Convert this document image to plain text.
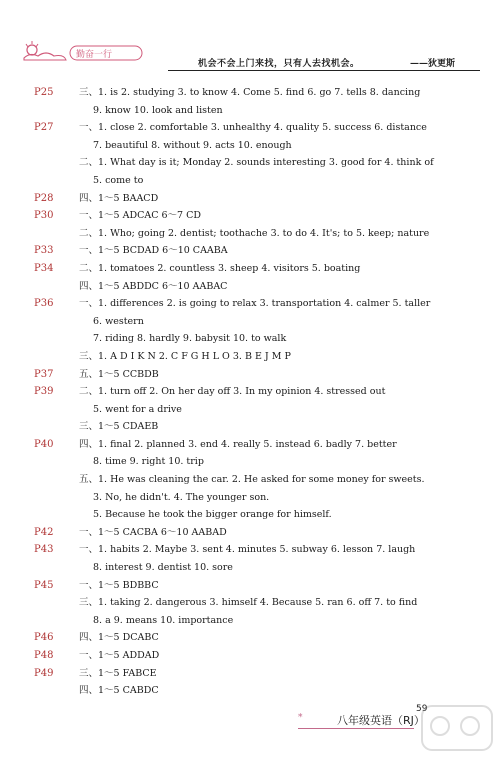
勤奋一行
机会不会上门来找，只有人去找机会。	——狄更斯
P25	三、1. is 2. studying 3. to know 4. Come 5. find 6. go 7. tells 8. dancing
9. know 10. look and listen
P27	一、1. close 2. comfortable 3. unhealthy 4. quality 5. success 6. distance
7. beautiful 8. without 9. acts 10. enough
二、1. What day is it; Monday 2. sounds interesting 3. good for 4. think of
5. come to
P28	四、1～5 BAACD
P30	一、1～5 ADCAC 6～7 CD
二、1. Who; going 2. dentist; toothache 3. to do 4. It's; to 5. keep; nature
P33	一、1～5 BCDAD 6～10 CAABA
P34	二、1. tomatoes 2. countless 3. sheep 4. visitors 5. boating
四、1～5 ABDDC 6～10 AABAC
P36	一、1. differences 2. is going to relax 3. transportation 4. calmer 5. taller
6. western
7. riding 8. hardly 9. babysit 10. to walk
三、1. A D I K N 2. C F G H L O 3. B E J M P
P37	五、1～5 CCBDB
P39	二、1. turn off 2. On her day off 3. In my opinion 4. stressed out
5. went for a drive
三、1～5 CDAEB
P40	四、1. final 2. planned 3. end 4. really 5. instead 6. badly 7. better
8. time 9. right 10. trip
五、1. He was cleaning the car. 2. He asked for some money for sweets.
3. No, he didn't. 4. The younger son.
5. Because he took the bigger orange for himself.
P42	一、1～5 CACBA 6～10 AABAD
P43	一、1. habits 2. Maybe 3. sent 4. minutes 5. subway 6. lesson 7. laugh
8. interest 9. dentist 10. sore
P45	一、1～5 BDBBC
三、1. taking 2. dangerous 3. himself 4. Because 5. ran 6. off 7. to find
8. a 9. means 10. importance
P46	四、1～5 DCABC
P48	一、1～5 ADDAD
P49	三、1～5 FABCE
四、1～5 CABDC
*	八年级英语（RJ）
59
